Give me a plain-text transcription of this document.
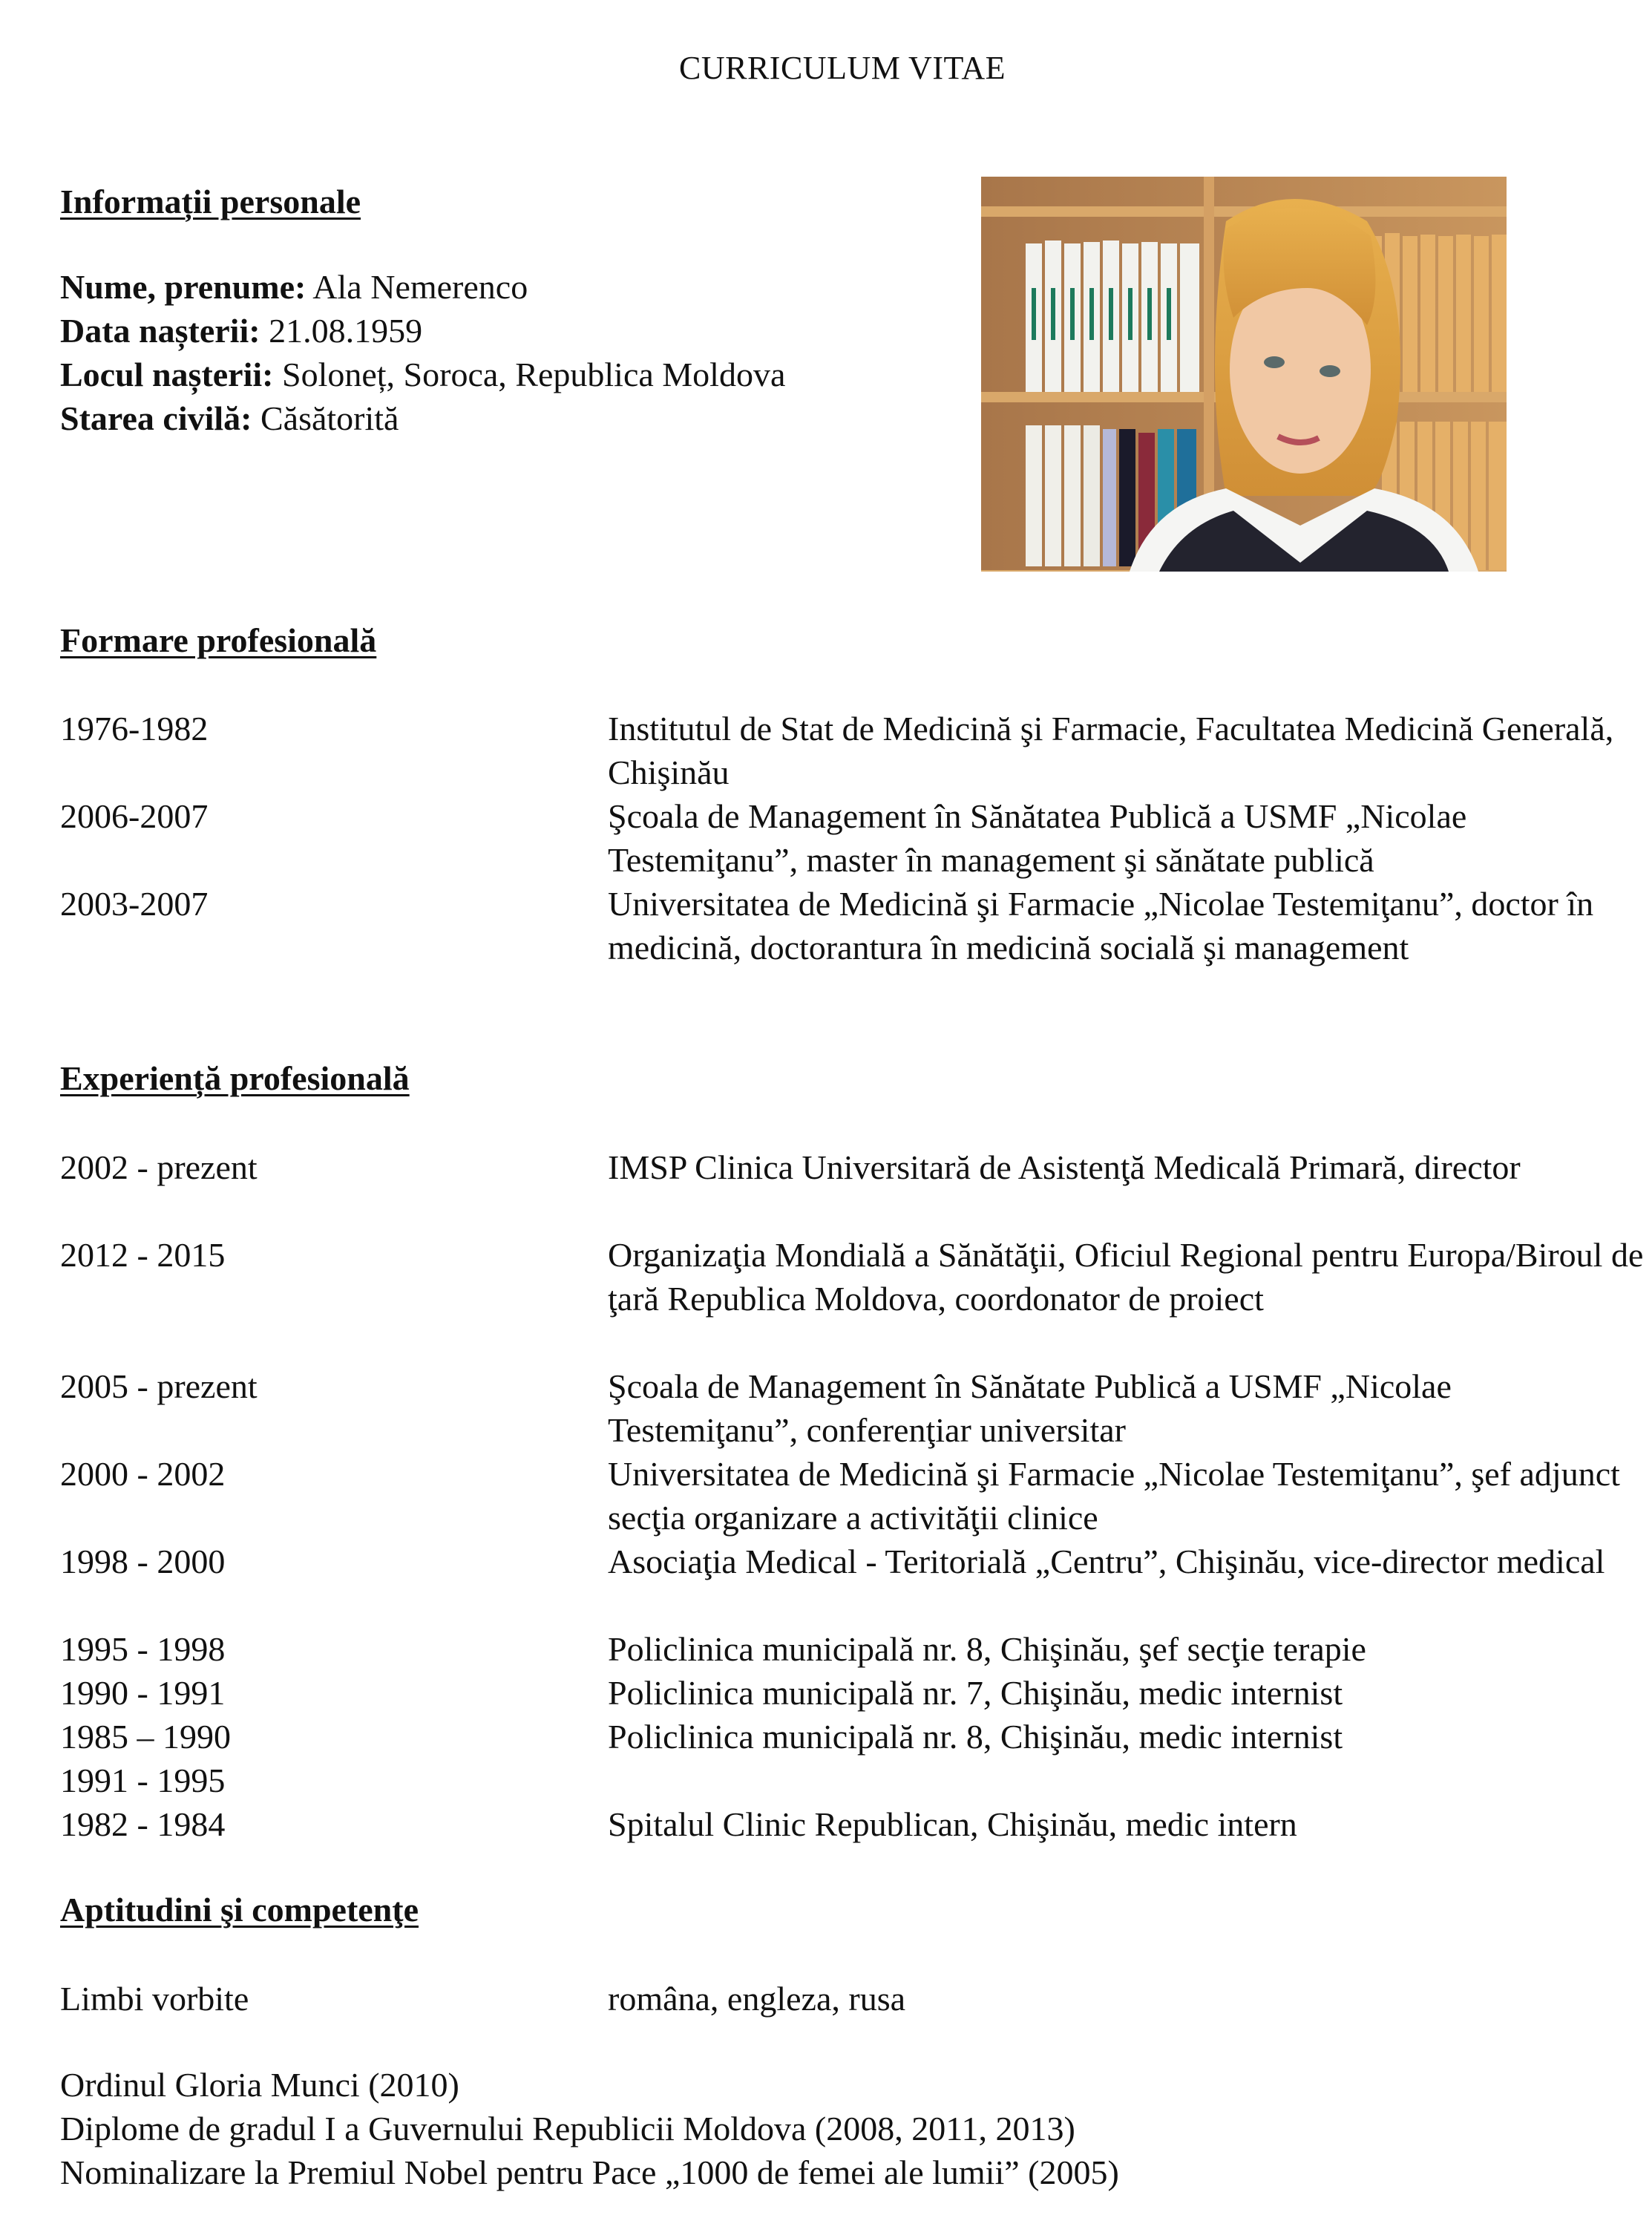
CURRICULUM VITAE
Informații personale
Nume, prenume: Ala Nemerenco
Data nașterii: 21.08.1959
Locul nașterii: Soloneț, Soroca, Republica Moldova
Starea civilă: Căsătorită
Formare profesională
1976-1982	Institutul de Stat de Medicină şi Farmacie, Facultatea Medicină Generală, Chişinău
2006-2007	Şcoala de Management în Sănătatea Publică a USMF „Nicolae Testemiţanu”, master în management şi sănătate publică
2003-2007	Universitatea de Medicină şi Farmacie „Nicolae Testemiţanu”, doctor în medicină, doctorantura în medicină socială şi management
Experiență profesională
2002 - prezent	IMSP Clinica Universitară de Asistenţă Medicală Primară, director
2012 - 2015	Organizaţia Mondială a Sănătăţii, Oficiul Regional pentru Europa/Biroul de ţară Republica Moldova, coordonator de proiect
2005 - prezent	Şcoala de Management în Sănătate Publică a USMF „Nicolae Testemiţanu”, conferenţiar universitar
2000 - 2002	Universitatea de Medicină şi Farmacie „Nicolae Testemiţanu”, şef adjunct secţia organizare a activităţii clinice
1998 - 2000	Asociaţia Medical - Teritorială „Centru”, Chişinău, vice-director medical
1995 - 1998	Policlinica municipală nr. 8, Chişinău, şef secţie terapie
1990 - 1991	Policlinica municipală nr. 7, Chişinău, medic internist
1985 – 1990	Policlinica municipală nr. 8, Chişinău, medic internist
1991 - 1995
1982 - 1984	Spitalul Clinic Republican, Chişinău, medic intern
Aptitudini şi competenţe
Limbi vorbite	româna, engleza, rusa
Ordinul Gloria Munci (2010)
Diplome de gradul I a Guvernului Republicii Moldova (2008, 2011, 2013)
Nominalizare la Premiul Nobel pentru Pace „1000 de femei ale lumii” (2005)
